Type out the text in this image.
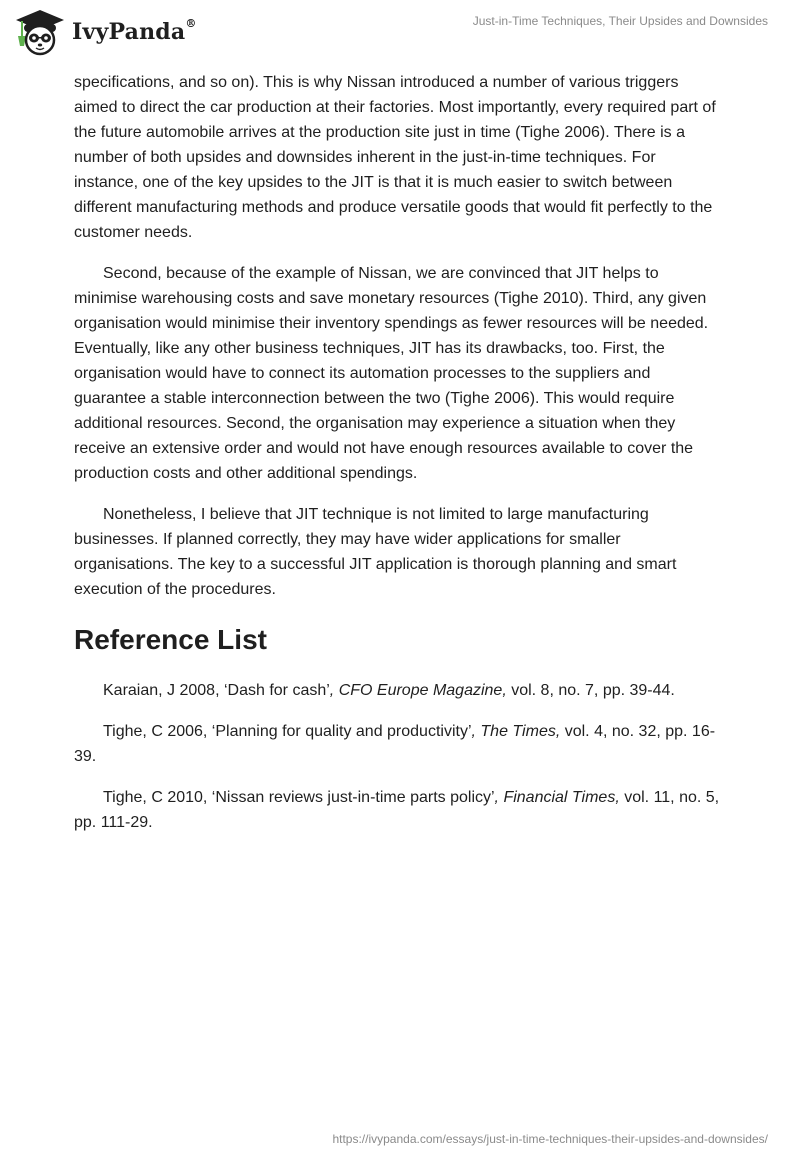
IvyPanda®	Just-in-Time Techniques, Their Upsides and Downsides

specifications, and so on). This is why Nissan introduced a number of various triggers aimed to direct the car production at their factories. Most importantly, every required part of the future automobile arrives at the production site just in time (Tighe 2006). There is a number of both upsides and downsides inherent in the just-in-time techniques. For instance, one of the key upsides to the JIT is that it is much easier to switch between different manufacturing methods and produce versatile goods that would fit perfectly to the customer needs.

Second, because of the example of Nissan, we are convinced that JIT helps to minimise warehousing costs and save monetary resources (Tighe 2010). Third, any given organisation would minimise their inventory spendings as fewer resources will be needed. Eventually, like any other business techniques, JIT has its drawbacks, too. First, the organisation would have to connect its automation processes to the suppliers and guarantee a stable interconnection between the two (Tighe 2006). This would require additional resources. Second, the organisation may experience a situation when they receive an extensive order and would not have enough resources available to cover the production costs and other additional spendings.

Nonetheless, I believe that JIT technique is not limited to large manufacturing businesses. If planned correctly, they may have wider applications for smaller organisations. The key to a successful JIT application is thorough planning and smart execution of the procedures.

Reference List

Karaian, J 2008, ‘Dash for cash’, CFO Europe Magazine, vol. 8, no. 7, pp. 39-44.

Tighe, C 2006, ‘Planning for quality and productivity’, The Times, vol. 4, no. 32, pp. 16-39.

Tighe, C 2010, ‘Nissan reviews just-in-time parts policy’, Financial Times, vol. 11, no. 5, pp. 111-29.

https://ivypanda.com/essays/just-in-time-techniques-their-upsides-and-downsides/
